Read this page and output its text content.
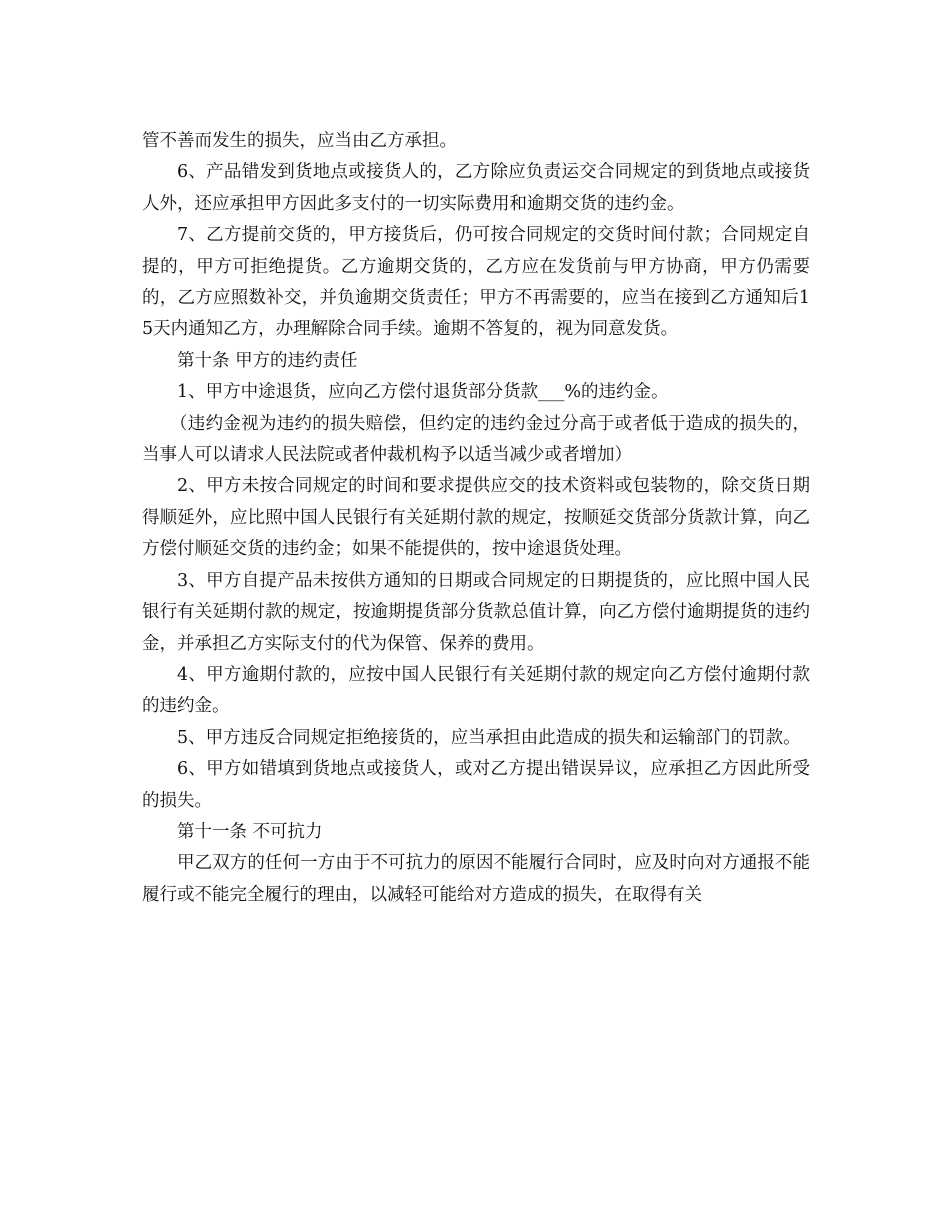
管不善而发生的损失，应当由乙方承担。

6、产品错发到货地点或接货人的，乙方除应负责运交合同规定的到货地点或接货人外，还应承担甲方因此多支付的一切实际费用和逾期交货的违约金。

7、乙方提前交货的，甲方接货后，仍可按合同规定的交货时间付款；合同规定自提的，甲方可拒绝提货。乙方逾期交货的，乙方应在发货前与甲方协商，甲方仍需要的，乙方应照数补交，并负逾期交货责任；甲方不再需要的，应当在接到乙方通知后15天内通知乙方，办理解除合同手续。逾期不答复的，视为同意发货。

第十条 甲方的违约责任

1、甲方中途退货，应向乙方偿付退货部分货款___%的违约金。

（违约金视为违约的损失赔偿，但约定的违约金过分高于或者低于造成的损失的，当事人可以请求人民法院或者仲裁机构予以适当减少或者增加）

2、甲方未按合同规定的时间和要求提供应交的技术资料或包装物的，除交货日期得顺延外，应比照中国人民银行有关延期付款的规定，按顺延交货部分货款计算，向乙方偿付顺延交货的违约金；如果不能提供的，按中途退货处理。

3、甲方自提产品未按供方通知的日期或合同规定的日期提货的，应比照中国人民银行有关延期付款的规定，按逾期提货部分货款总值计算，向乙方偿付逾期提货的违约金，并承担乙方实际支付的代为保管、保养的费用。

4、甲方逾期付款的，应按中国人民银行有关延期付款的规定向乙方偿付逾期付款的违约金。

5、甲方违反合同规定拒绝接货的，应当承担由此造成的损失和运输部门的罚款。

6、甲方如错填到货地点或接货人，或对乙方提出错误异议，应承担乙方因此所受的损失。

第十一条 不可抗力

甲乙双方的任何一方由于不可抗力的原因不能履行合同时，应及时向对方通报不能履行或不能完全履行的理由，以减轻可能给对方造成的损失，在取得有关
